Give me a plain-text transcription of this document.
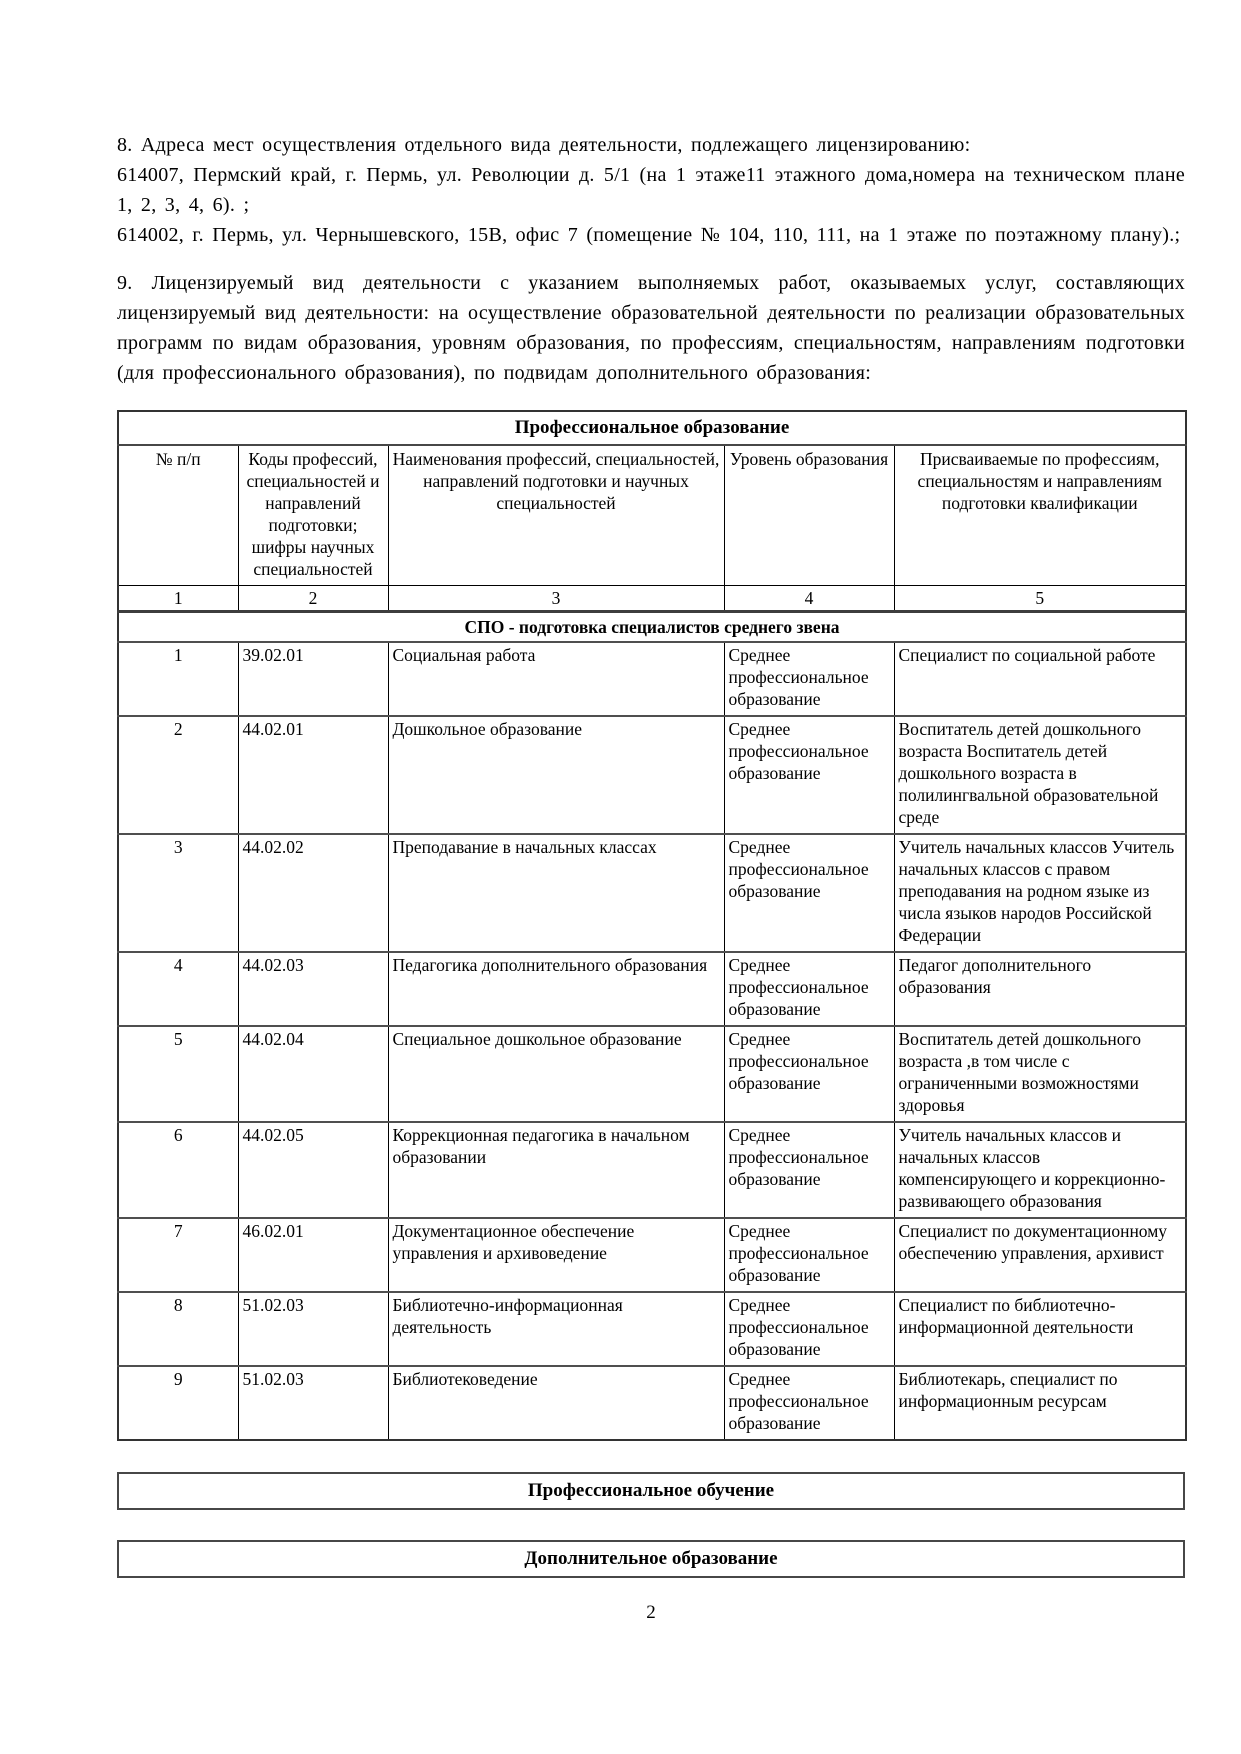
8. Адреса мест осуществления отдельного вида деятельности, подлежащего лицензированию:

614007, Пермский край, г. Пермь, ул. Революции д. 5/1 (на 1 этаже11 этажного дома,номера на техническом плане 1, 2, 3, 4, 6). ;

614002, г. Пермь, ул. Чернышевского, 15В, офис 7 (помещение № 104, 110, 111, на 1 этаже по поэтажному плану).;

9. Лицензируемый вид деятельности с указанием выполняемых работ, оказываемых услуг, составляющих лицензируемый вид деятельности: на осуществление образовательной деятельности по реализации образовательных программ по видам образования, уровням образования, по профессиям, специальностям, направлениям подготовки (для профессионального образования), по подвидам дополнительного образования:
Профессиональное образование				
№ п/п	Коды профессий, специальностей и направлений подготовки; шифры научных специальностей	Наименования профессий, специальностей, направлений подготовки и научных специальностей	Уровень образования	Присваиваемые по профессиям, специальностям и направлениям подготовки квалификации
1	2	3	4	5
СПО - подготовка специалистов среднего звена				
1	39.02.01	Социальная работа	Среднее профессиональное образование	Специалист по социальной работе
2	44.02.01	Дошкольное образование	Среднее профессиональное образование	Воспитатель детей дошкольного возраста Воспитатель детей дошкольного возраста в полилингвальной образовательной среде
3	44.02.02	Преподавание в начальных классах	Среднее профессиональное образование	Учитель начальных классов Учитель начальных классов с правом преподавания на родном языке из числа языков народов Российской Федерации
4	44.02.03	Педагогика дополнительного образования	Среднее профессиональное образование	Педагог дополнительного образования
5	44.02.04	Специальное дошкольное образование	Среднее профессиональное образование	Воспитатель детей дошкольного возраста ,в том числе с ограниченными возможностями здоровья
6	44.02.05	Коррекционная педагогика в начальном образовании	Среднее профессиональное образование	Учитель начальных классов и начальных классов компенсирующего и коррекционно-развивающего образования
7	46.02.01	Документационное обеспечение управления и архивоведение	Среднее профессиональное образование	Специалист по документационному обеспечению управления, архивист
8	51.02.03	Библиотечно-информационная деятельность	Среднее профессиональное образование	Специалист по библиотечно-информационной деятельности
9	51.02.03	Библиотековедение	Среднее профессиональное образование	Библиотекарь, специалист по информационным ресурсам
Профессиональное обучение
Дополнительное образование
2
